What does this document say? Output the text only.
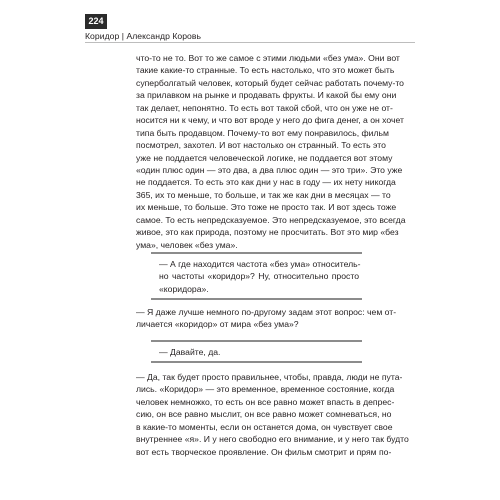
224
Коридор | Александр Коровь
что-то не то. Вот то же самое с этими людьми «без ума». Они вот
такие какие-то странные. То есть настолько, что это может быть
суперболгатый человек, который будет сейчас работать почему-то
за прилавком на рынке и продавать фрукты. И какой бы ему они
так делает, непонятно. То есть вот такой сбой, что он уже не от-
носится ни к чему, и что вот вроде у него до фига денег, а он хочет
типа быть продавцом. Почему-то вот ему понравилось, фильм
посмотрел, захотел. И вот настолько он странный. То есть это
уже не поддается человеческой логике, не поддается вот этому
«один плюс один — это два, а два плюс один — это три». Это уже
не поддается. То есть это как дни у нас в году — их нету никогда
365, их то меньше, то больше, и так же как дни в месяцах — то
их меньше, то больше. Это тоже не просто так. И вот здесь тоже
самое. То есть непредсказуемое. Это непредсказуемое, это всегда
живое, это как природа, поэтому не просчитать. Вот это мир «без
ума», человек «без ума».
— А где находится частота «без ума» относитель-
но частоты «коридор»? Ну, относительно просто
«коридора».
— Я даже лучше немного по-другому задам этот вопрос: чем от-
личается «коридор» от мира «без ума»?
— Давайте, да.
— Да, так будет просто правильнее, чтобы, правда, люди не пута-
лись. «Коридор» — это временное, временное состояние, когда
человек немножко, то есть он все равно может впасть в депрес-
сию, он все равно мыслит, он все равно может сомневаться, но
в какие-то моменты, если он останется дома, он чувствует свое
внутреннее «я». И у него свободно его внимание, и у него так будто
вот есть творческое проявление. Он фильм смотрит и прям по-
